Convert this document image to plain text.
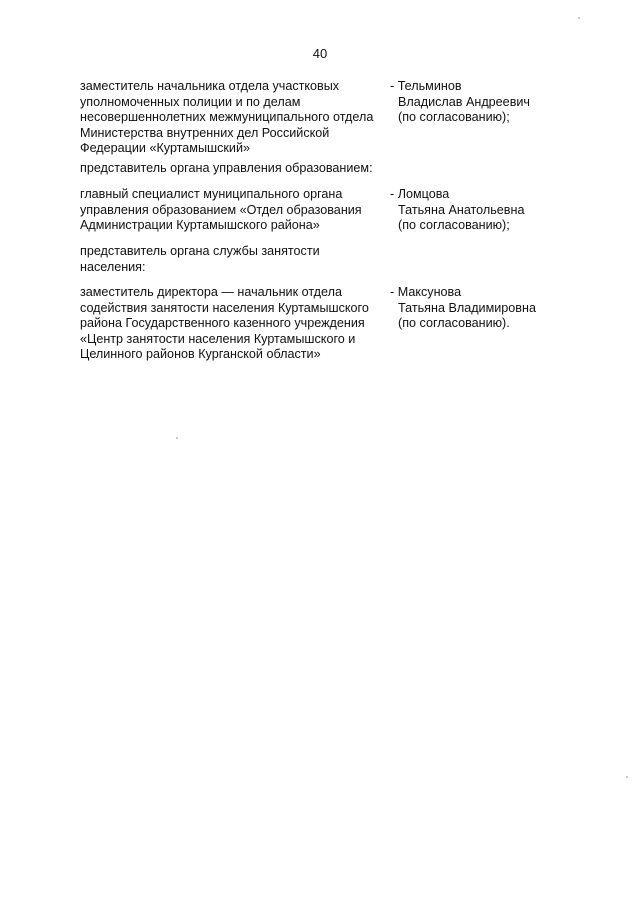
40
заместитель начальника отдела участковых
уполномоченных полиции и по делам
несовершеннолетних межмуниципального отдела
Министерства внутренних дел Российской
Федерации «Куртамышский»
- Тельминов
Владислав Андреевич
(по согласованию);
представитель органа управления образованием:
главный специалист муниципального органа
управления образованием «Отдел образования
Администрации Куртамышского района»
- Ломцова
Татьяна Анатольевна
(по согласованию);
представитель органа службы занятости
населения:
заместитель директора — начальник отдела
содействия занятости населения Куртамышского
района Государственного казенного учреждения
«Центр занятости населения Куртамышского и
Целинного районов Курганской области»
- Максунова
Татьяна Владимировна
(по согласованию).
